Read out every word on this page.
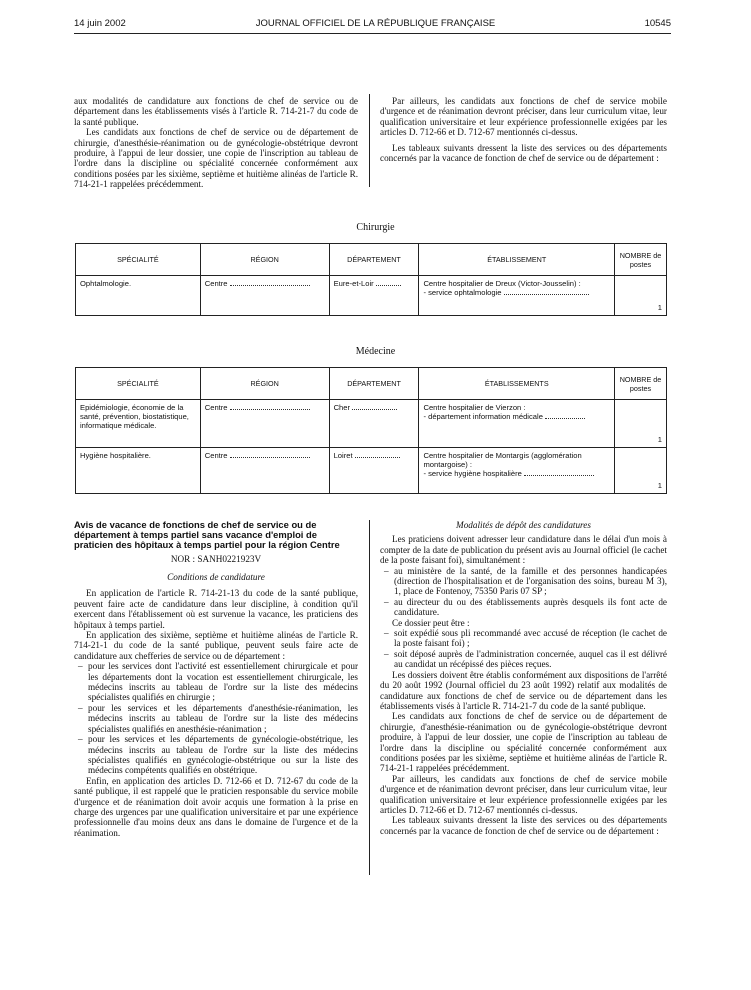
14 juin 2002	JOURNAL OFFICIEL DE LA RÉPUBLIQUE FRANÇAISE	10545

aux modalités de candidature aux fonctions de chef de service ou de département dans les établissements visés à l'article R. 714-21-7 du code de la santé publique.

Les candidats aux fonctions de chef de service ou de département de chirurgie, d'anesthésie-réanimation ou de gynécologie-obstétrique devront produire, à l'appui de leur dossier, une copie de l'inscription au tableau de l'ordre dans la discipline ou spécialité concernée conformément aux conditions posées par les sixième, septième et huitième alinéas de l'article R. 714-21-1 rappelées précédemment.

Par ailleurs, les candidats aux fonctions de chef de service mobile d'urgence et de réanimation devront préciser, dans leur curriculum vitae, leur qualification universitaire et leur expérience professionnelle exigées par les articles D. 712-66 et D. 712-67 mentionnés ci-dessus.

Les tableaux suivants dressent la liste des services ou des départements concernés par la vacance de fonction de chef de service ou de département :

Chirurgie
SPÉCIALITÉ	RÉGION	DÉPARTEMENT	ÉTABLISSEMENT	NOMBRE de postes
Ophtalmologie.	Centre	Eure-et-Loir	Centre hospitalier de Dreux (Victor-Jousselin) :
- service ophtalmologie	1
Médecine
SPÉCIALITÉ	RÉGION	DÉPARTEMENT	ÉTABLISSEMENTS	NOMBRE de postes
Epidémiologie, économie de la santé, prévention, biostatistique, informatique médicale.	Centre	Cher	Centre hospitalier de Vierzon :
- département information médicale	1
Hygiène hospitalière.	Centre	Loiret	Centre hospitalier de Montargis (agglomération montargoise) :
- service hygiène hospitalière	1
Avis de vacance de fonctions de chef de service ou de département à temps partiel sans vacance d'emploi de praticien des hôpitaux à temps partiel pour la région Centre

NOR : SANH0221923V

Conditions de candidature

En application de l'article R. 714-21-13 du code de la santé publique, peuvent faire acte de candidature dans leur discipline, à condition qu'il exercent dans l'établissement où est survenue la vacance, les praticiens des hôpitaux à temps partiel.

En application des sixième, septième et huitième alinéas de l'article R. 714-21-1 du code de la santé publique, peuvent seuls faire acte de candidature aux chefferies de service ou de département :

– pour les services dont l'activité est essentiellement chirurgicale et pour les départements dont la vocation est essentiellement chirurgicale, les médecins inscrits au tableau de l'ordre sur la liste des médecins spécialistes qualifiés en chirurgie ;
– pour les services et les départements d'anesthésie-réanimation, les médecins inscrits au tableau de l'ordre sur la liste des médecins spécialistes qualifiés en anesthésie-réanimation ;
– pour les services et les départements de gynécologie-obstétrique, les médecins inscrits au tableau de l'ordre sur la liste des médecins spécialistes qualifiés en gynécologie-obstétrique ou sur la liste des médecins compétents qualifiés en obstétrique.

Enfin, en application des articles D. 712-66 et D. 712-67 du code de la santé publique, il est rappelé que le praticien responsable du service mobile d'urgence et de réanimation doit avoir acquis une formation à la prise en charge des urgences par une qualification universitaire et par une expérience professionnelle d'au moins deux ans dans le domaine de l'urgence et de la réanimation.

Modalités de dépôt des candidatures

Les praticiens doivent adresser leur candidature dans le délai d'un mois à compter de la date de publication du présent avis au Journal officiel (le cachet de la poste faisant foi), simultanément :

– au ministère de la santé, de la famille et des personnes handicapées (direction de l'hospitalisation et de l'organisation des soins, bureau M 3), 1, place de Fontenoy, 75350 Paris 07 SP ;
– au directeur du ou des établissements auprès desquels ils font acte de candidature.

Ce dossier peut être :

– soit expédié sous pli recommandé avec accusé de réception (le cachet de la poste faisant foi) ;
– soit déposé auprès de l'administration concernée, auquel cas il est délivré au candidat un récépissé des pièces reçues.

Les dossiers doivent être établis conformément aux dispositions de l'arrêté du 20 août 1992 (Journal officiel du 23 août 1992) relatif aux modalités de candidature aux fonctions de chef de service ou de département dans les établissements visés à l'article R. 714-21-7 du code de la santé publique.

Les candidats aux fonctions de chef de service ou de département de chirurgie, d'anesthésie-réanimation ou de gynécologie-obstétrique devront produire, à l'appui de leur dossier, une copie de l'inscription au tableau de l'ordre dans la discipline ou spécialité concernée conformément aux conditions posées par les sixième, septième et huitième alinéas de l'article R. 714-21-1 rappelées précédemment.

Par ailleurs, les candidats aux fonctions de chef de service mobile d'urgence et de réanimation devront préciser, dans leur curriculum vitae, leur qualification universitaire et leur expérience professionnelle exigées par les articles D. 712-66 et D. 712-67 mentionnés ci-dessus.

Les tableaux suivants dressent la liste des services ou des départements concernés par la vacance de fonction de chef de service ou de département :
